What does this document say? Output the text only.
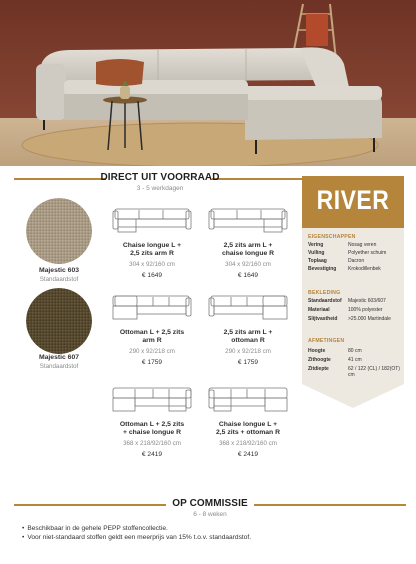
DIRECT UIT VOORRAAD
3 - 5 werkdagen
Majestic 603
Standaardstof
Majestic 607
Standaardstof
Chaise longue L +
2,5 zits arm R
304 x 92/160 cm
€ 1649
2,5 zits arm L +
chaise longue R
304 x 92/160 cm
€ 1649
Ottoman L + 2,5 zits
arm R
290 x 92/218 cm
€ 1759
2,5 zits arm L +
ottoman R
290 x 92/218 cm
€ 1759
Ottoman L + 2,5 zits
+ chaise longue R
368 x 218/92/160 cm
€ 2419
Chaise longue L +
2,5 zits + ottoman R
368 x 218/92/160 cm
€ 2419
RIVER
EIGENSCHAPPEN
Vering	Nosag veren
Vulling	Polyether schuim
Toplaag	Dacron
Bevestiging Krokodillenbek
BEKLEDING
Standaardstof Majestic 603/607
Materiaal	100% polyester
Slijtvastheid >25.000 Martindale
AFMETINGEN
Hoogte	80 cm
Zithoogte	41 cm
Zitdiepte	62 / 122 (CL) / 182(OT) cm
OP COMMISSIE
6 - 8 weken
• Beschikbaar in de gehele PEPP stoffencollectie.
• Voor niet-standaard stoffen geldt een meerprijs van 15% t.o.v. standaardstof.
